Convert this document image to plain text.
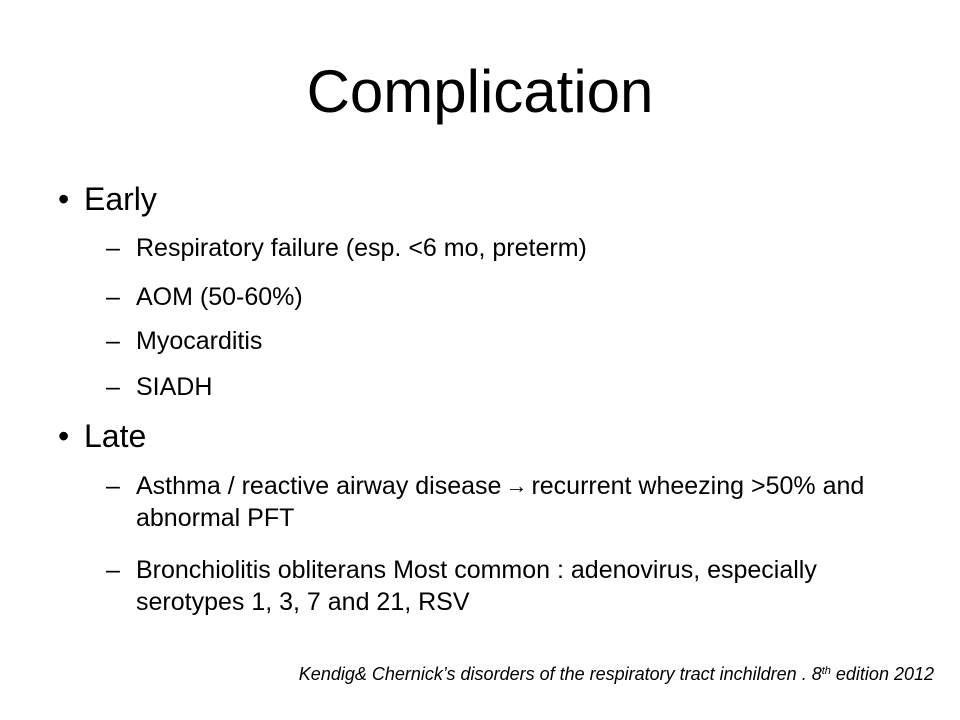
Complication
• Early
– Respiratory failure (esp. <6 mo, preterm)
– AOM (50-60%)
– Myocarditis
– SIADH
• Late
– Asthma / reactive airway disease → recurrent wheezing >50% and abnormal PFT
– Bronchiolitis obliterans Most common : adenovirus, especially serotypes 1, 3, 7 and 21, RSV
Kendig& Chernick’s disorders of the respiratory tract inchildren . 8th edition 2012
